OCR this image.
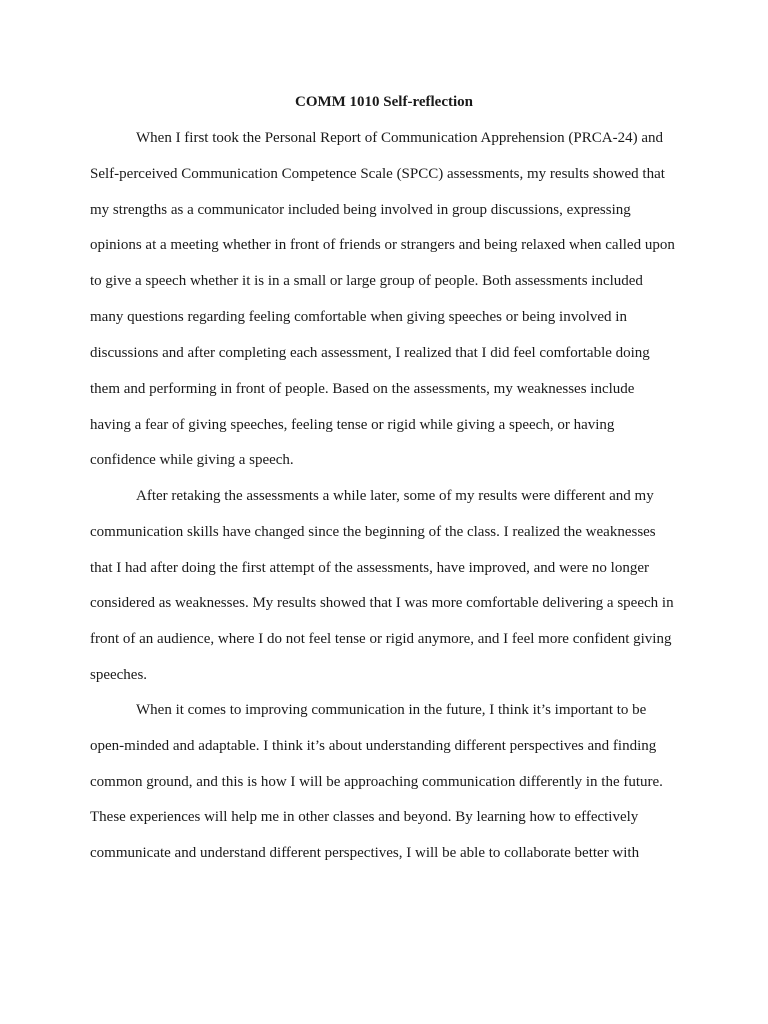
COMM 1010 Self-reflection

When I first took the Personal Report of Communication Apprehension (PRCA-24) and

Self-perceived Communication Competence Scale (SPCC) assessments, my results showed that

my strengths as a communicator included being involved in group discussions, expressing

opinions at a meeting whether in front of friends or strangers and being relaxed when called upon

to give a speech whether it is in a small or large group of people. Both assessments included

many questions regarding feeling comfortable when giving speeches or being involved in

discussions and after completing each assessment, I realized that I did feel comfortable doing

them and performing in front of people. Based on the assessments, my weaknesses include

having a fear of giving speeches, feeling tense or rigid while giving a speech, or having

confidence while giving a speech.

After retaking the assessments a while later, some of my results were different and my

communication skills have changed since the beginning of the class. I realized the weaknesses

that I had after doing the first attempt of the assessments, have improved, and were no longer

considered as weaknesses. My results showed that I was more comfortable delivering a speech in

front of an audience, where I do not feel tense or rigid anymore, and I feel more confident giving

speeches.

When it comes to improving communication in the future, I think it’s important to be

open-minded and adaptable. I think it’s about understanding different perspectives and finding

common ground, and this is how I will be approaching communication differently in the future.

These experiences will help me in other classes and beyond. By learning how to effectively

communicate and understand different perspectives, I will be able to collaborate better with
